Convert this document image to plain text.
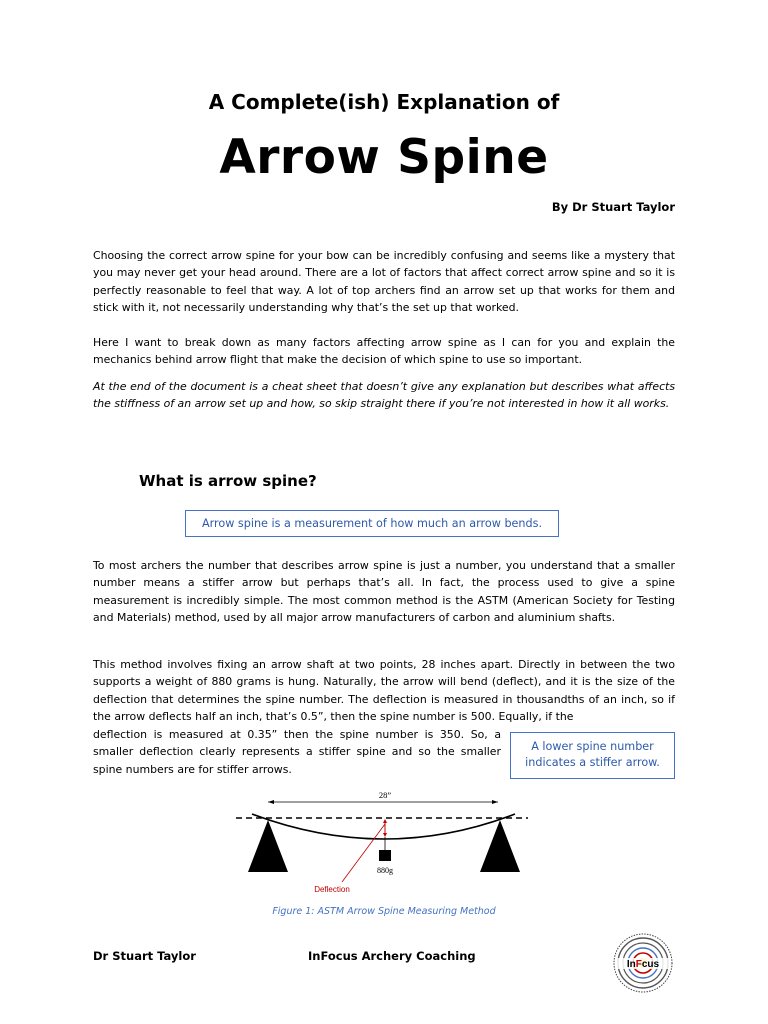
A Complete(ish) Explanation of
Arrow Spine
By Dr Stuart Taylor

Choosing the correct arrow spine for your bow can be incredibly confusing and seems like a mystery that you may never get your head around. There are a lot of factors that affect correct arrow spine and so it is perfectly reasonable to feel that way. A lot of top archers find an arrow set up that works for them and stick with it, not necessarily understanding why that’s the set up that worked.

Here I want to break down as many factors affecting arrow spine as I can for you and explain the mechanics behind arrow flight that make the decision of which spine to use so important.

At the end of the document is a cheat sheet that doesn’t give any explanation but describes what affects the stiffness of an arrow set up and how, so skip straight there if you’re not interested in how it all works.

What is arrow spine?
Arrow spine is a measurement of how much an arrow bends.

To most archers the number that describes arrow spine is just a number, you understand that a smaller number means a stiffer arrow but perhaps that’s all. In fact, the process used to give a spine measurement is incredibly simple. The most common method is the ASTM (American Society for Testing and Materials) method, used by all major arrow manufacturers of carbon and aluminium shafts.

This method involves fixing an arrow shaft at two points, 28 inches apart. Directly in between the two supports a weight of 880 grams is hung. Naturally, the arrow will bend (deflect), and it is the size of the deflection that determines the spine number. The deflection is measured in thousandths of an inch, so if the arrow deflects half an inch, that’s 0.5”, then the spine number is 500. Equally, if the

deflection is measured at 0.35” then the spine number is 350. So, a smaller deflection clearly represents a stiffer spine and so the smaller spine numbers are for stiffer arrows.

A lower spine number
indicates a stiffer arrow.
28”
Deflection
880g
Figure 1: ASTM Arrow Spine Measuring Method
Dr Stuart Taylor	InFocus Archery Coaching
InFcus
